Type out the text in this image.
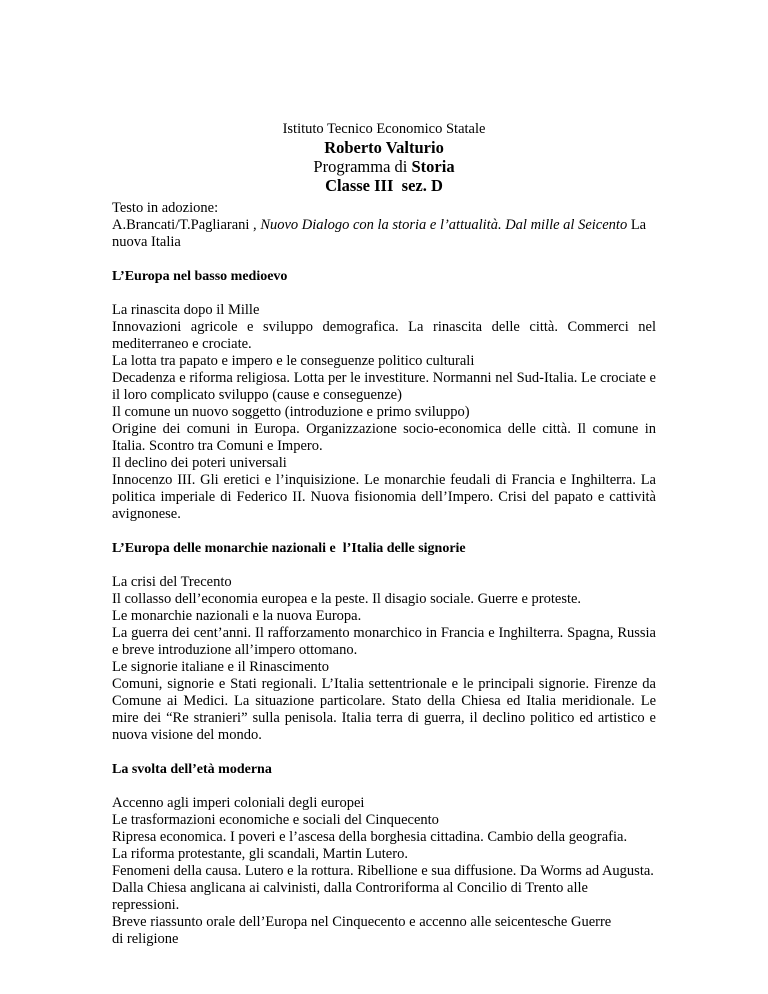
Istituto Tecnico Economico Statale
Roberto Valturio
Programma di Storia
Classe III  sez. D

Testo in adozione:

A.Brancati/T.Pagliarani , Nuovo Dialogo con la storia e l’attualità. Dal mille al Seicento La
nuova Italia

L’Europa nel basso medioevo

La rinascita dopo il Mille

Innovazioni agricole e sviluppo demografica. La rinascita delle città. Commerci nel mediterraneo e crociate.

La lotta tra papato e impero e le conseguenze politico culturali

Decadenza e riforma religiosa. Lotta per le investiture. Normanni nel Sud-Italia. Le crociate e il loro complicato sviluppo (cause e conseguenze)

Il comune un nuovo soggetto (introduzione e primo sviluppo)

Origine dei comuni in Europa. Organizzazione socio-economica delle città. Il comune in Italia. Scontro tra Comuni e Impero.

Il declino dei poteri universali

Innocenzo III. Gli eretici e l’inquisizione. Le monarchie feudali di Francia e Inghilterra. La politica imperiale di Federico II. Nuova fisionomia dell’Impero. Crisi del papato e cattività avignonese.

L’Europa delle monarchie nazionali e  l’Italia delle signorie

La crisi del Trecento

Il collasso dell’economia europea e la peste. Il disagio sociale. Guerre e proteste.

Le monarchie nazionali e la nuova Europa.

La guerra dei cent’anni. Il rafforzamento monarchico in Francia e Inghilterra. Spagna, Russia e breve introduzione all’impero ottomano.

Le signorie italiane e il Rinascimento

Comuni, signorie e Stati regionali. L’Italia settentrionale e le principali signorie. Firenze da Comune ai Medici. La situazione particolare. Stato della Chiesa ed Italia meridionale. Le mire dei “Re stranieri” sulla penisola. Italia terra di guerra, il declino politico ed artistico e nuova visione del mondo.

La svolta dell’età moderna

Accenno agli imperi coloniali degli europei

Le trasformazioni economiche e sociali del Cinquecento

Ripresa economica. I poveri e l’ascesa della borghesia cittadina. Cambio della geografia.

La riforma protestante, gli scandali, Martin Lutero.

Fenomeni della causa. Lutero e la rottura. Ribellione e sua diffusione. Da Worms ad Augusta.

Dalla Chiesa anglicana ai calvinisti, dalla Controriforma al Concilio di Trento alle repressioni.

Breve riassunto orale dell’Europa nel Cinquecento e accenno alle seicentesche Guerre di religione
